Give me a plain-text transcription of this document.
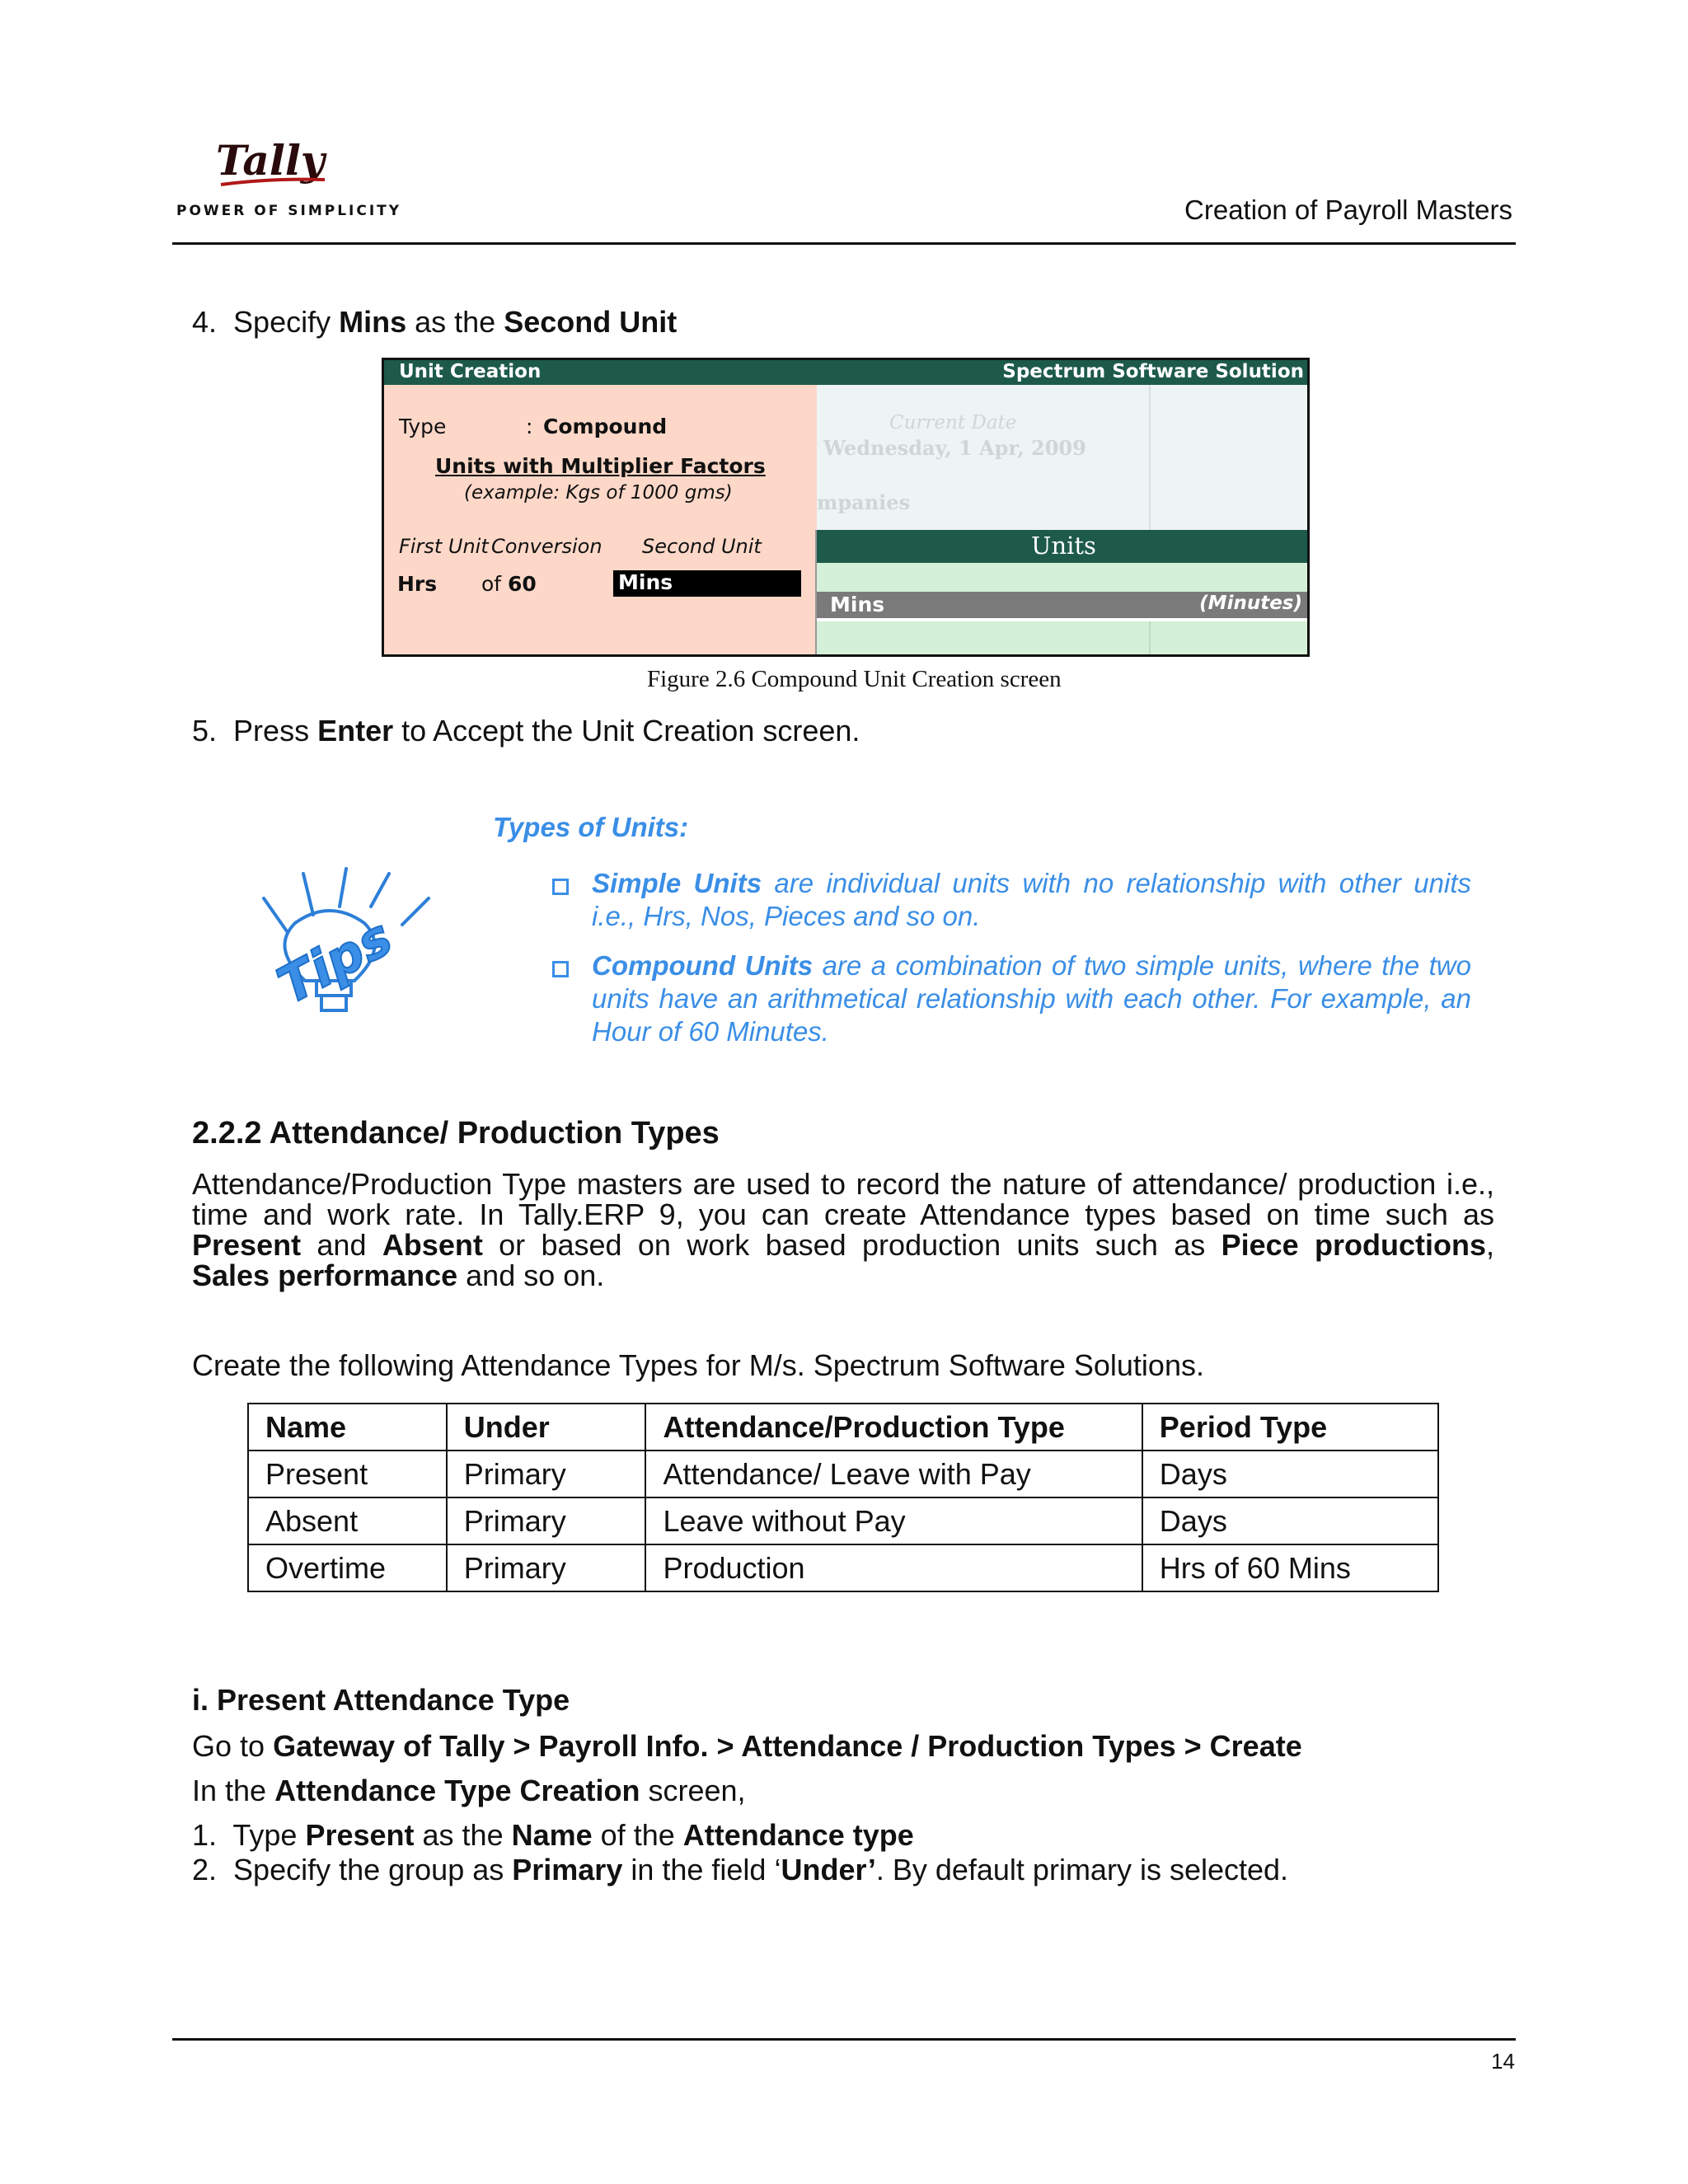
Tally
POWER OF SIMPLICITY	Creation of Payroll Masters
4. Specify Mins as the Second Unit
Unit Creation	Spectrum Software Solution
Type	: Compound
Units with Multiplier Factors
(example: Kgs of 1000 gms)
First Unit Conversion Second Unit
Hrs of 60	Mins
Current Date
Wednesday, 1 Apr, 2009
mpanies
Units
Mins	(Minutes)
Figure 2.6 Compound Unit Creation screen
5. Press Enter to Accept the Unit Creation screen.
Tips
Types of Units:
Simple Units are individual units with no relationship with other units
i.e., Hrs, Nos, Pieces and so on.
Compound Units are a combination of two simple units, where the two
units have an arithmetical relationship with each other. For example, an
Hour of 60 Minutes.
2.2.2 Attendance/ Production Types
Attendance/Production Type masters are used to record the nature of attendance/ production i.e.,
time and work rate. In Tally.ERP 9, you can create Attendance types based on time such as
Present and Absent or based on work based production units such as Piece productions,
Sales performance and so on.
Create the following Attendance Types for M/s. Spectrum Software Solutions.
Name	Under	Attendance/Production Type	Period Type
Present	Primary	Attendance/ Leave with Pay	Days
Absent	Primary	Leave without Pay	Days
Overtime	Primary	Production	Hrs of 60 Mins
i. Present Attendance Type
Go to Gateway of Tally > Payroll Info. > Attendance / Production Types > Create
In the Attendance Type Creation screen,
1. Type Present as the Name of the Attendance type
2. Specify the group as Primary in the field ‘Under’. By default primary is selected.
14
